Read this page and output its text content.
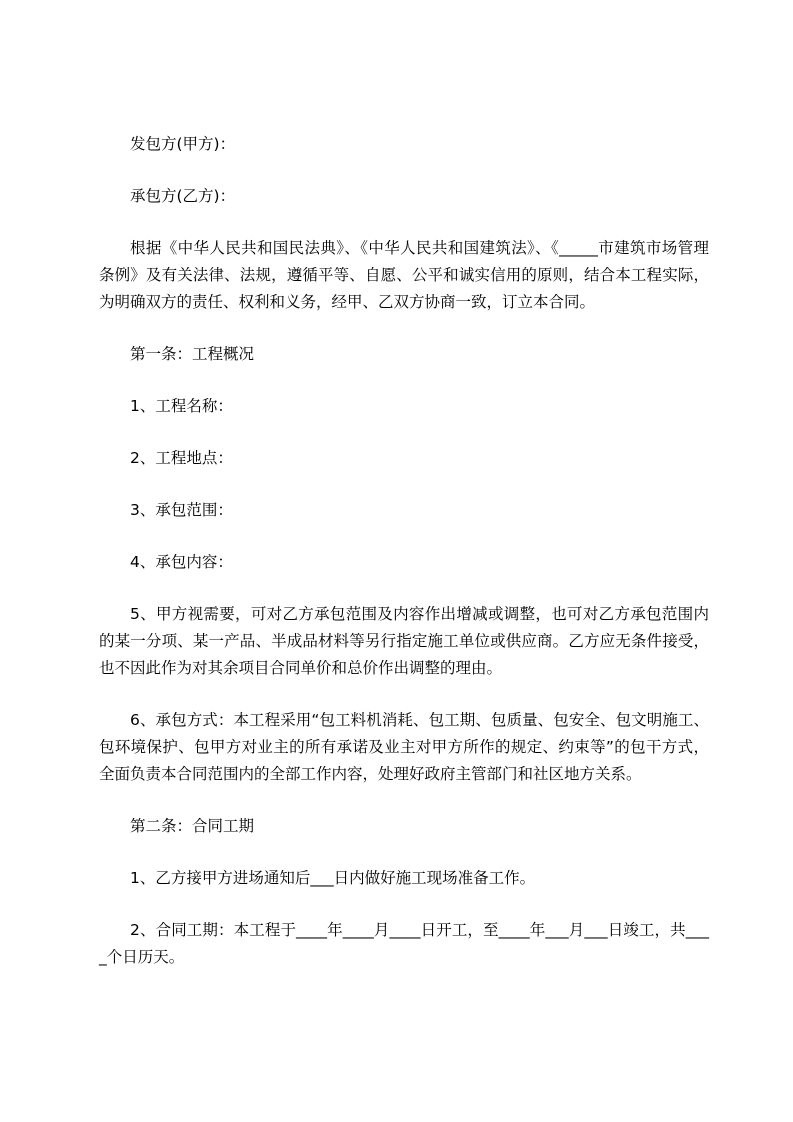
发包方(甲方)：

承包方(乙方)：

根据《中华人民共和国民法典》、《中华人民共和国建筑法》、《_____市建筑市场管理条例》及有关法律、法规，遵循平等、自愿、公平和诚实信用的原则，结合本工程实际，为明确双方的责任、权利和义务，经甲、乙双方协商一致，订立本合同。

第一条：工程概况

1、工程名称：

2、工程地点：

3、承包范围：

4、承包内容：

5、甲方视需要，可对乙方承包范围及内容作出增减或调整，也可对乙方承包范围内的某一分项、某一产品、半成品材料等另行指定施工单位或供应商。乙方应无条件接受，也不因此作为对其余项目合同单价和总价作出调整的理由。

6、承包方式：本工程采用“包工料机消耗、包工期、包质量、包安全、包文明施工、包环境保护、包甲方对业主的所有承诺及业主对甲方所作的规定、约束等”的包干方式，全面负责本合同范围内的全部工作内容，处理好政府主管部门和社区地方关系。

第二条：合同工期

1、乙方接甲方进场通知后___日内做好施工现场准备工作。

2、合同工期：本工程于____年____月____日开工，至____年___月___日竣工，共____个日历天。
